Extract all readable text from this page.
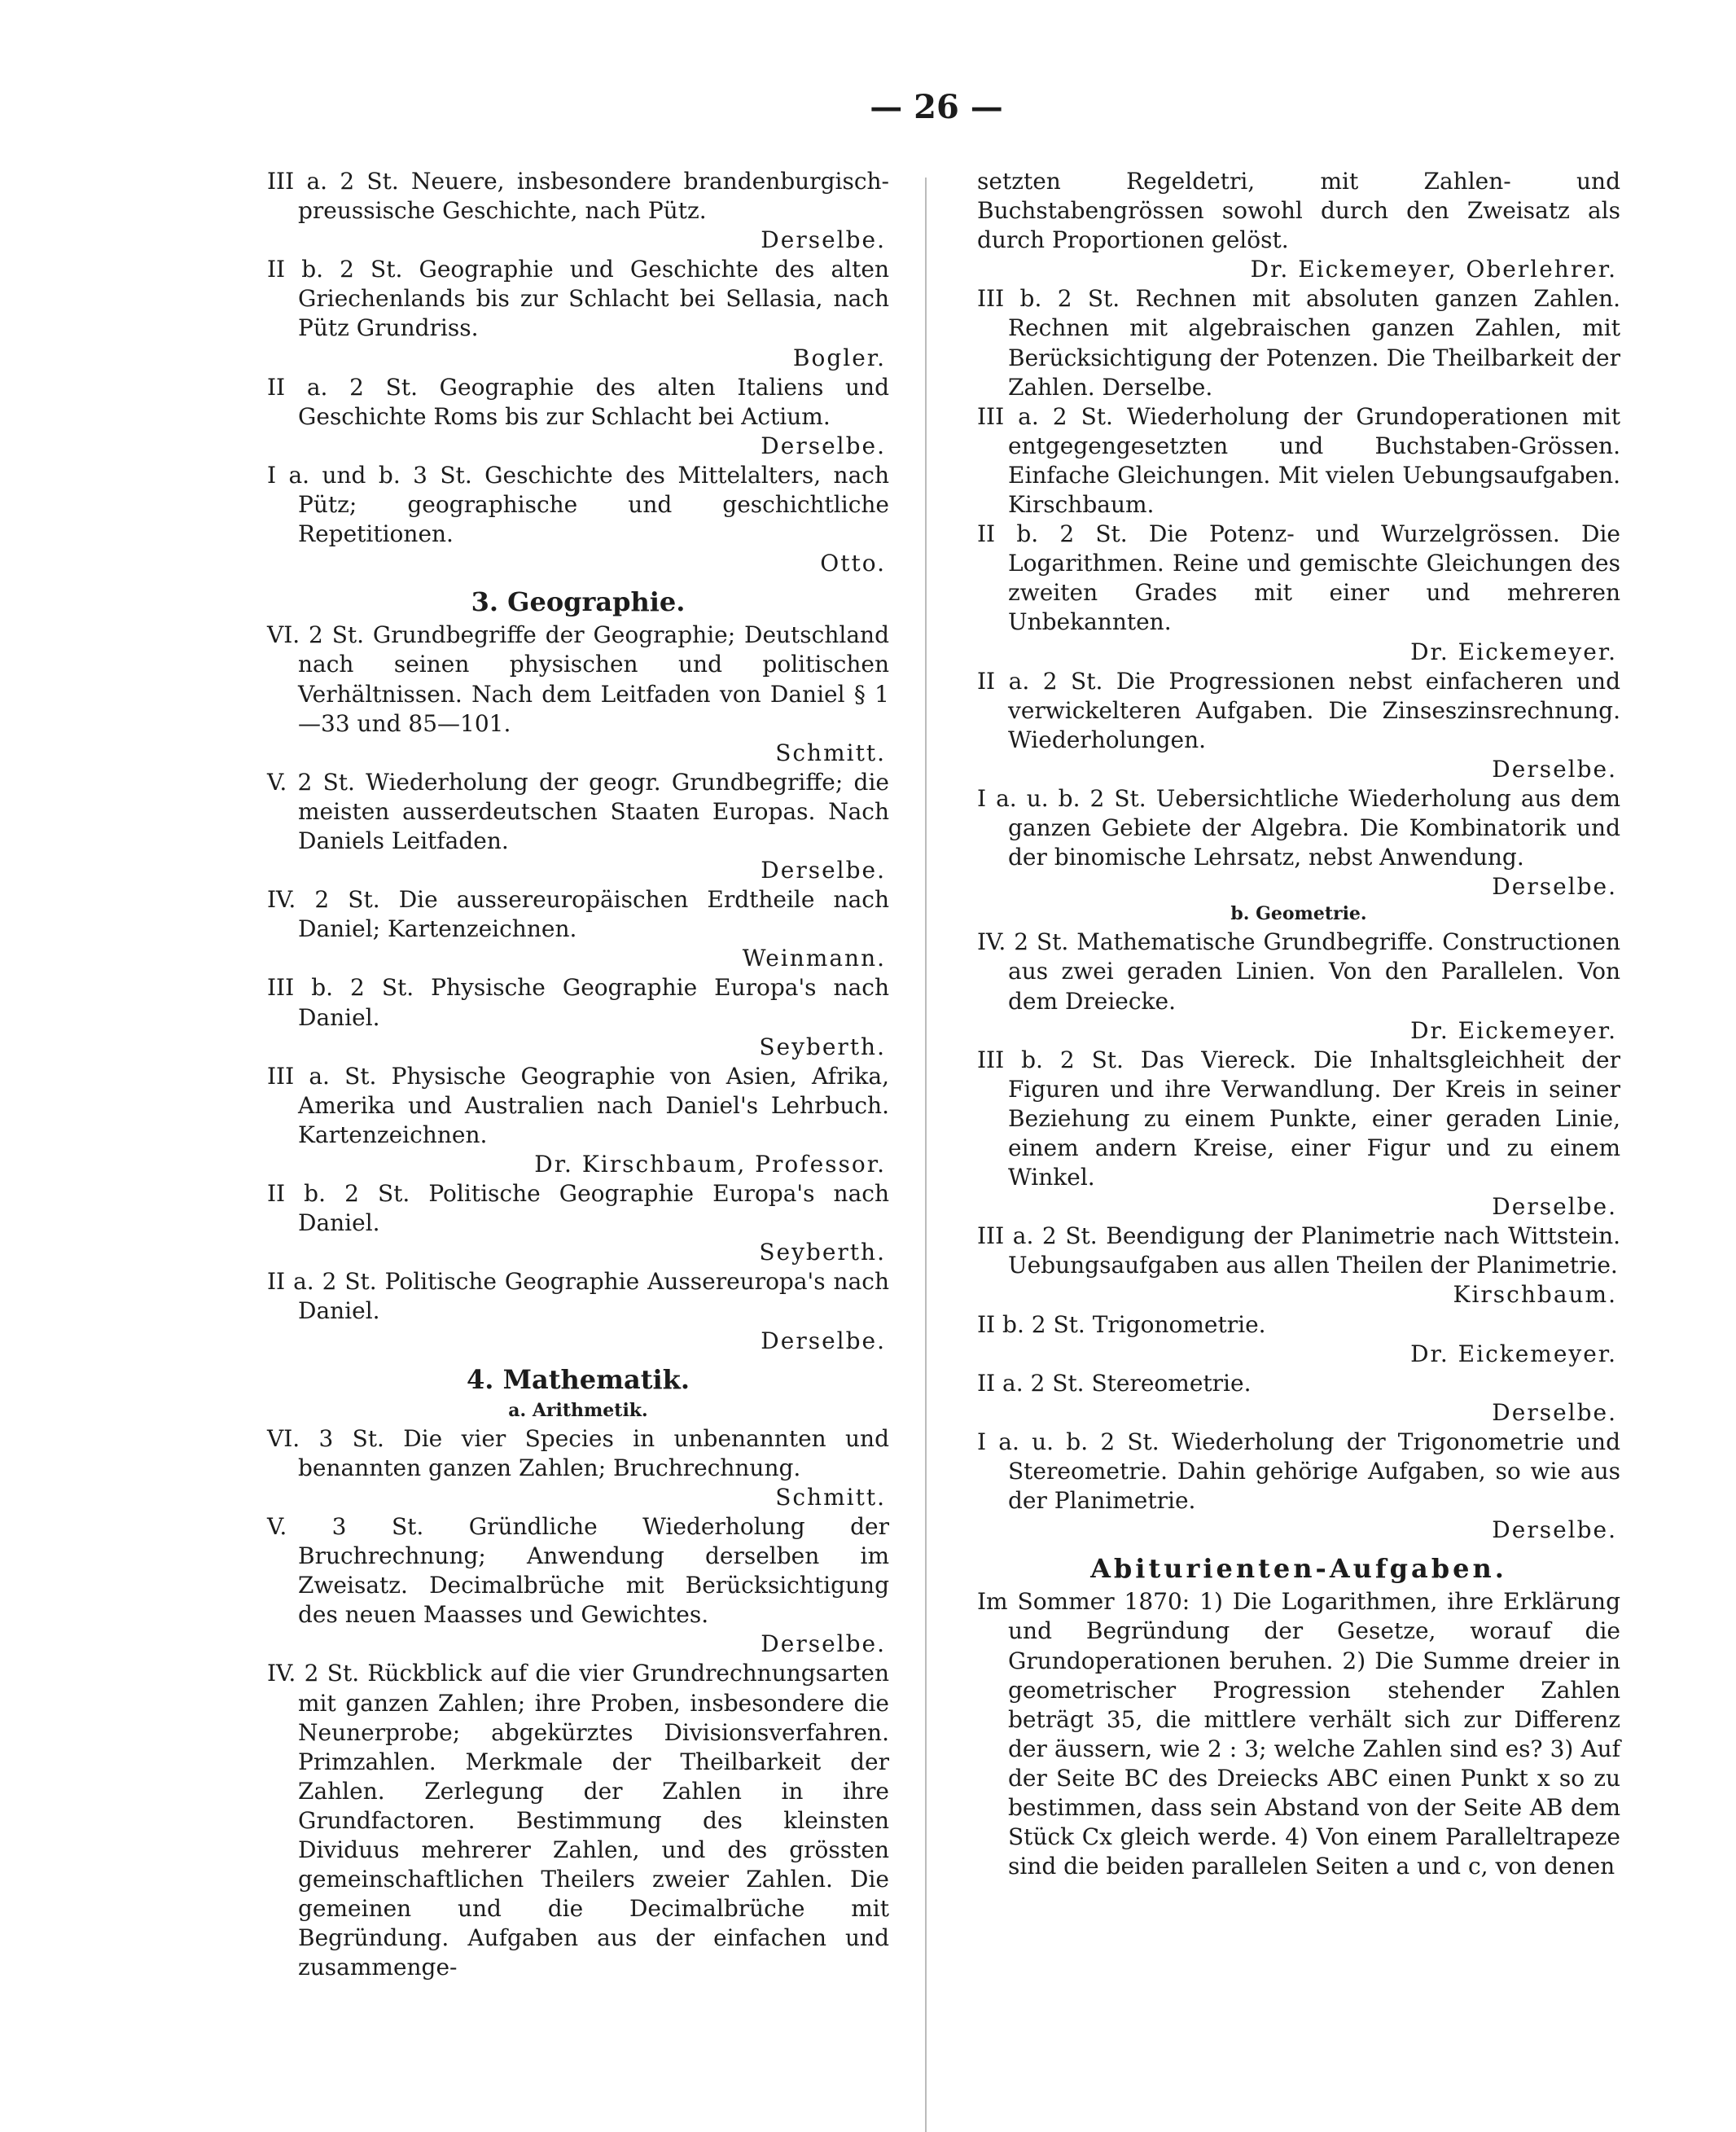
— 26 —
III a. 2 St. Neuere, insbesondere brandenburgisch-preussische Geschichte, nach Pütz.
Derselbe.
II b. 2 St. Geographie und Geschichte des alten Griechenlands bis zur Schlacht bei Sellasia, nach Pütz Grundriss.
Bogler.
II a. 2 St. Geographie des alten Italiens und Geschichte Roms bis zur Schlacht bei Actium.
Derselbe.
I a. und b. 3 St. Geschichte des Mittelalters, nach Pütz; geographische und geschichtliche Repetitionen.
Otto.
3. Geographie.
VI. 2 St. Grundbegriffe der Geographie; Deutschland nach seinen physischen und politischen Verhältnissen. Nach dem Leitfaden von Daniel § 1—33 und 85—101.
Schmitt.
V. 2 St. Wiederholung der geogr. Grundbegriffe; die meisten ausserdeutschen Staaten Europas. Nach Daniels Leitfaden.
Derselbe.
IV. 2 St. Die aussereuropäischen Erdtheile nach Daniel; Kartenzeichnen.
Weinmann.
III b. 2 St. Physische Geographie Europa's nach Daniel.
Seyberth.
III a. St. Physische Geographie von Asien, Afrika, Amerika und Australien nach Daniel's Lehrbuch. Kartenzeichnen.
Dr. Kirschbaum, Professor.
II b. 2 St. Politische Geographie Europa's nach Daniel.
Seyberth.
II a. 2 St. Politische Geographie Aussereuropa's nach Daniel.
Derselbe.
4. Mathematik.
a. Arithmetik.
VI. 3 St. Die vier Species in unbenannten und benannten ganzen Zahlen; Bruchrechnung.
Schmitt.
V. 3 St. Gründliche Wiederholung der Bruchrechnung; Anwendung derselben im Zweisatz. Decimalbrüche mit Berücksichtigung des neuen Maasses und Gewichtes.
Derselbe.
IV. 2 St. Rückblick auf die vier Grundrechnungsarten mit ganzen Zahlen; ihre Proben, insbesondere die Neunerprobe; abgekürztes Divisionsverfahren. Primzahlen. Merkmale der Theilbarkeit der Zahlen. Zerlegung der Zahlen in ihre Grundfactoren. Bestimmung des kleinsten Dividuus mehrerer Zahlen, und des grössten gemeinschaftlichen Theilers zweier Zahlen. Die gemeinen und die Decimalbrüche mit Begründung. Aufgaben aus der einfachen und zusammenge-
setzten Regeldetri, mit Zahlen- und Buchstabengrössen sowohl durch den Zweisatz als durch Proportionen gelöst.
Dr. Eickemeyer, Oberlehrer.
III b. 2 St. Rechnen mit absoluten ganzen Zahlen. Rechnen mit algebraischen ganzen Zahlen, mit Berücksichtigung der Potenzen. Die Theilbarkeit der Zahlen. Derselbe.
III a. 2 St. Wiederholung der Grundoperationen mit entgegengesetzten und Buchstaben-Grössen. Einfache Gleichungen. Mit vielen Uebungsaufgaben. Kirschbaum.
II b. 2 St. Die Potenz- und Wurzelgrössen. Die Logarithmen. Reine und gemischte Gleichungen des zweiten Grades mit einer und mehreren Unbekannten.
Dr. Eickemeyer.
II a. 2 St. Die Progressionen nebst einfacheren und verwickelteren Aufgaben. Die Zinseszinsrechnung. Wiederholungen.
Derselbe.
I a. u. b. 2 St. Uebersichtliche Wiederholung aus dem ganzen Gebiete der Algebra. Die Kombinatorik und der binomische Lehrsatz, nebst Anwendung.
Derselbe.
b. Geometrie.
IV. 2 St. Mathematische Grundbegriffe. Constructionen aus zwei geraden Linien. Von den Parallelen. Von dem Dreiecke.
Dr. Eickemeyer.
III b. 2 St. Das Viereck. Die Inhaltsgleichheit der Figuren und ihre Verwandlung. Der Kreis in seiner Beziehung zu einem Punkte, einer geraden Linie, einem andern Kreise, einer Figur und zu einem Winkel.
Derselbe.
III a. 2 St. Beendigung der Planimetrie nach Wittstein. Uebungsaufgaben aus allen Theilen der Planimetrie.
Kirschbaum.
II b. 2 St. Trigonometrie.
Dr. Eickemeyer.
II a. 2 St. Stereometrie.
Derselbe.
I a. u. b. 2 St. Wiederholung der Trigonometrie und Stereometrie. Dahin gehörige Aufgaben, so wie aus der Planimetrie.
Derselbe.
Abiturienten-Aufgaben.
Im Sommer 1870: 1) Die Logarithmen, ihre Erklärung und Begründung der Gesetze, worauf die Grundoperationen beruhen. 2) Die Summe dreier in geometrischer Progression stehender Zahlen beträgt 35, die mittlere verhält sich zur Differenz der äussern, wie 2 : 3; welche Zahlen sind es? 3) Auf der Seite BC des Dreiecks ABC einen Punkt x so zu bestimmen, dass sein Abstand von der Seite AB dem Stück Cx gleich werde. 4) Von einem Paralleltrapeze sind die beiden parallelen Seiten a und c, von denen
